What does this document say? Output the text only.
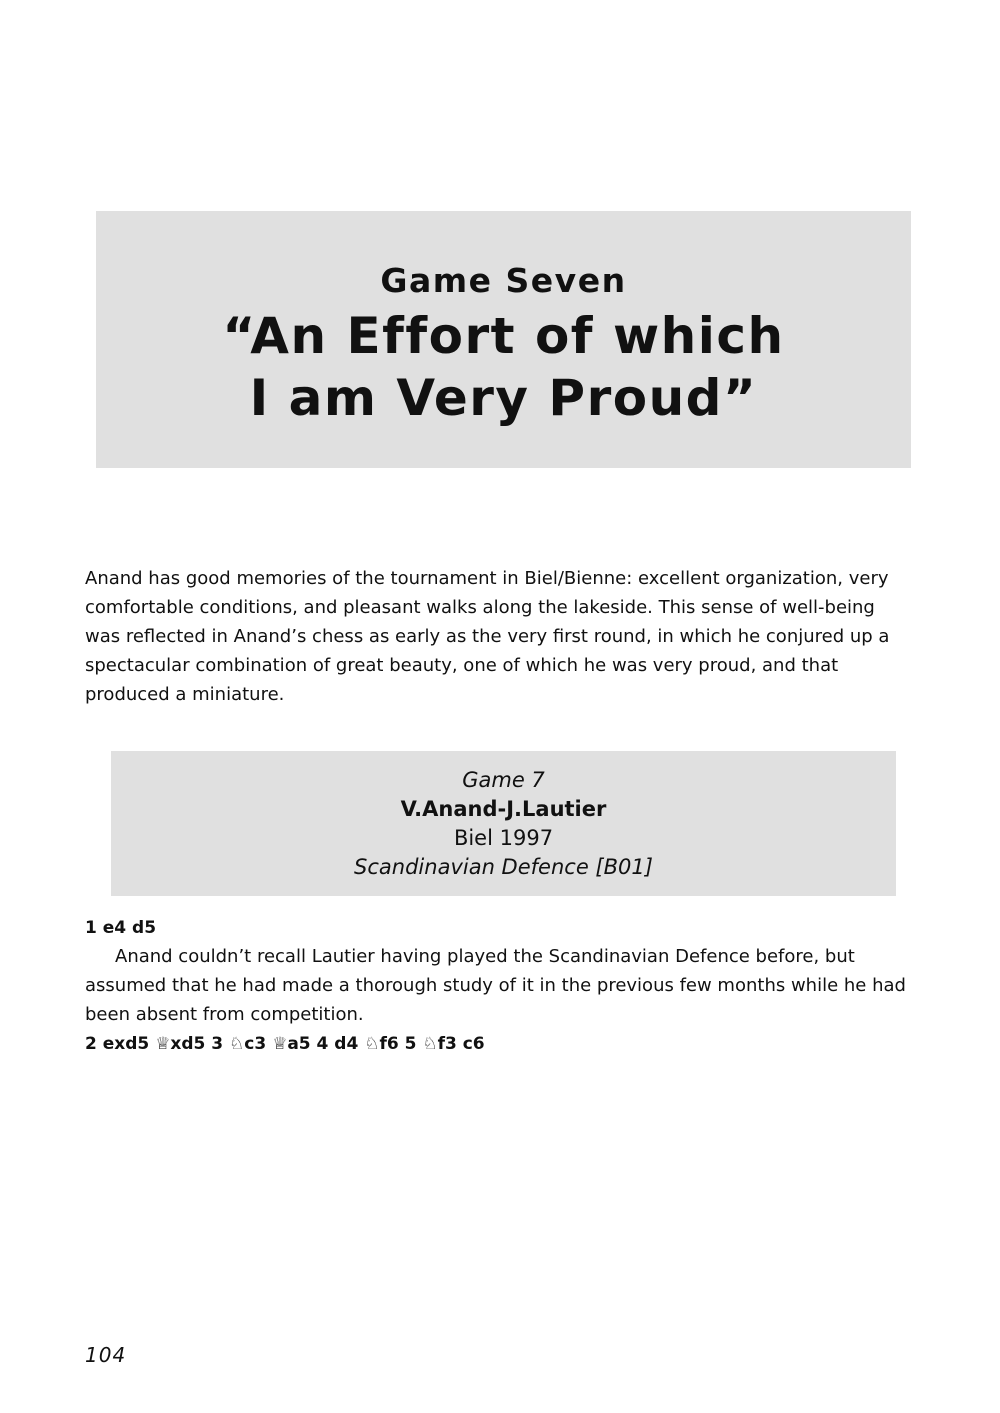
Game Seven
“An Effort of which
I am Very Proud”

Anand has good memories of the tournament in Biel/Bienne: excellent organization, very comfortable conditions, and pleasant walks along the lakeside. This sense of well-being was reflected in Anand’s chess as early as the very first round, in which he conjured up a spectacular combination of great beauty, one of which he was very proud, and that produced a miniature.

Game 7
V.Anand-J.Lautier
Biel 1997
Scandinavian Defence [B01]
1 e4 d5

Anand couldn’t recall Lautier having played the Scandinavian Defence before, but assumed that he had made a thorough study of it in the previous few months while he had been absent from competition.

2 exd5 ♕xd5 3 ♘c3 ♕a5 4 d4 ♘f6 5 ♘f3 c6
104
